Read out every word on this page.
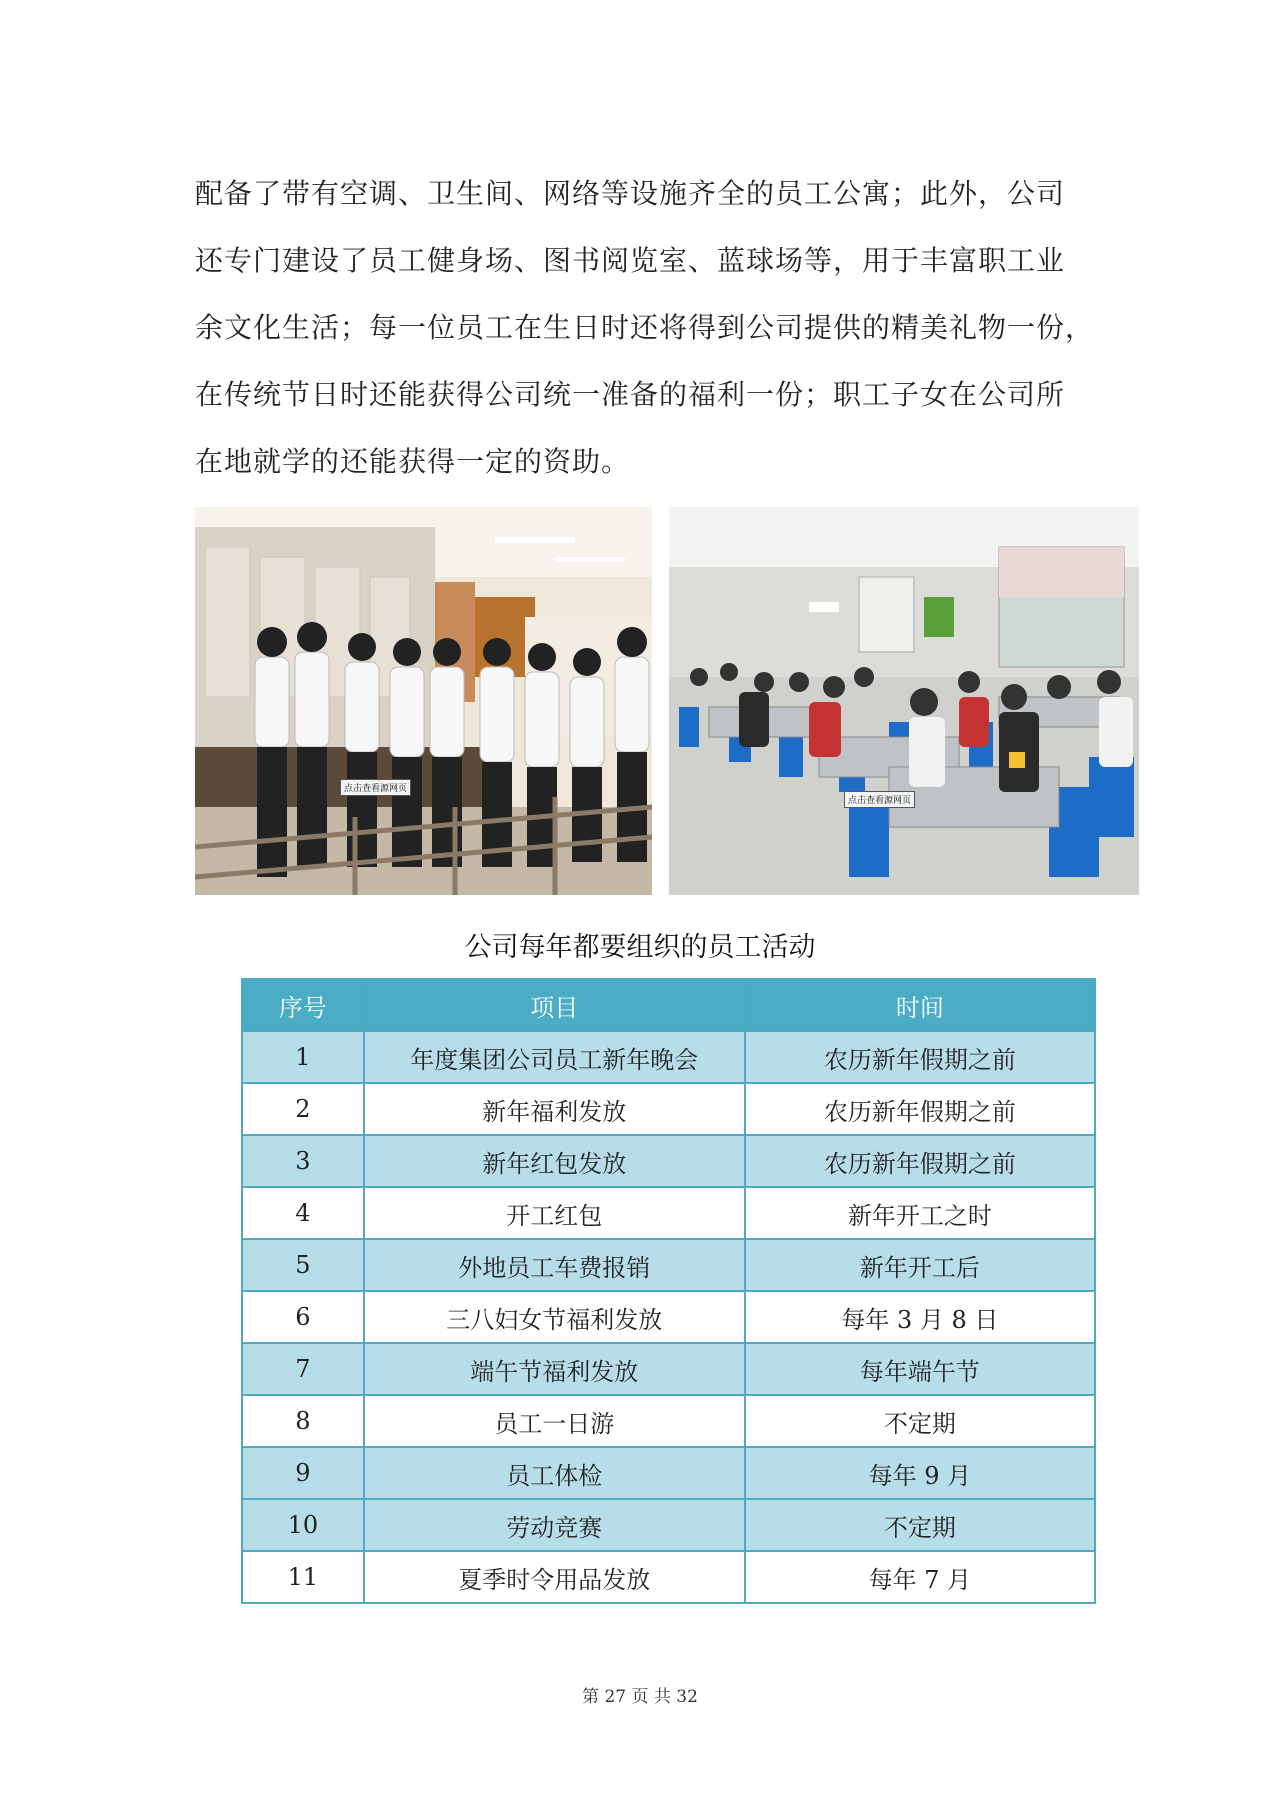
配备了带有空调、卫生间、网络等设施齐全的员工公寓；此外，公司
还专门建设了员工健身场、图书阅览室、蓝球场等，用于丰富职工业
余文化生活；每一位员工在生日时还将得到公司提供的精美礼物一份，
在传统节日时还能获得公司统一准备的福利一份；职工子女在公司所
在地就学的还能获得一定的资助。
点击查看源网页
点击查看源网页
公司每年都要组织的员工活动
序号	项目	时间
1	年度集团公司员工新年晚会	农历新年假期之前
2	新年福利发放	农历新年假期之前
3	新年红包发放	农历新年假期之前
4	开工红包	新年开工之时
5	外地员工车费报销	新年开工后
6	三八妇女节福利发放	每年 3 月 8 日
7	端午节福利发放	每年端午节
8	员工一日游	不定期
9	员工体检	每年 9 月
10	劳动竞赛	不定期
11	夏季时令用品发放	每年 7 月
第 27 页 共 32
